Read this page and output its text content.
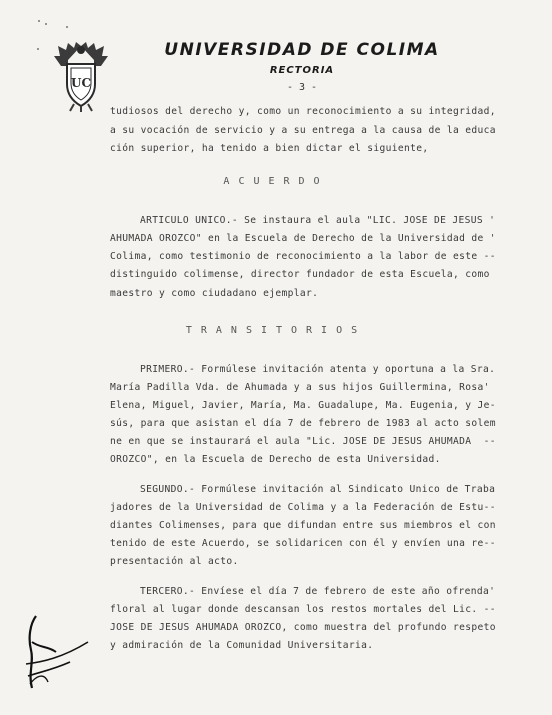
UC
UNIVERSIDAD DE COLIMA
RECTORIA
- 3 -
tudiosos del derecho y, como un reconocimiento a su integridad,
a su vocación de servicio y a su entrega a la causa de la educa
ción superior, ha tenido a bien dictar el siguiente,
ACUERDO
ARTICULO UNICO.- Se instaura el aula "LIC. JOSE DE JESUS '
AHUMADA OROZCO" en la Escuela de Derecho de la Universidad de '
Colima, como testimonio de reconocimiento a la labor de este --
distinguido colimense, director fundador de esta Escuela, como
maestro y como ciudadano ejemplar.
TRANSITORIOS
PRIMERO.- Formúlese invitación atenta y oportuna a la Sra.
María Padilla Vda. de Ahumada y a sus hijos Guillermina, Rosa'
Elena, Miguel, Javier, María, Ma. Guadalupe, Ma. Eugenia, y Je-
sús, para que asistan el día 7 de febrero de 1983 al acto solem
ne en que se instaurará el aula "Lic. JOSE DE JESUS AHUMADA  --
OROZCO", en la Escuela de Derecho de esta Universidad.
SEGUNDO.- Formúlese invitación al Sindicato Unico de Traba
jadores de la Universidad de Colima y a la Federación de Estu--
diantes Colimenses, para que difundan entre sus miembros el con
tenido de este Acuerdo, se solidaricen con él y envíen una re--
presentación al acto.
TERCERO.- Envíese el día 7 de febrero de este año ofrenda'
floral al lugar donde descansan los restos mortales del Lic. --
JOSE DE JESUS AHUMADA OROZCO, como muestra del profundo respeto
y admiración de la Comunidad Universitaria.
